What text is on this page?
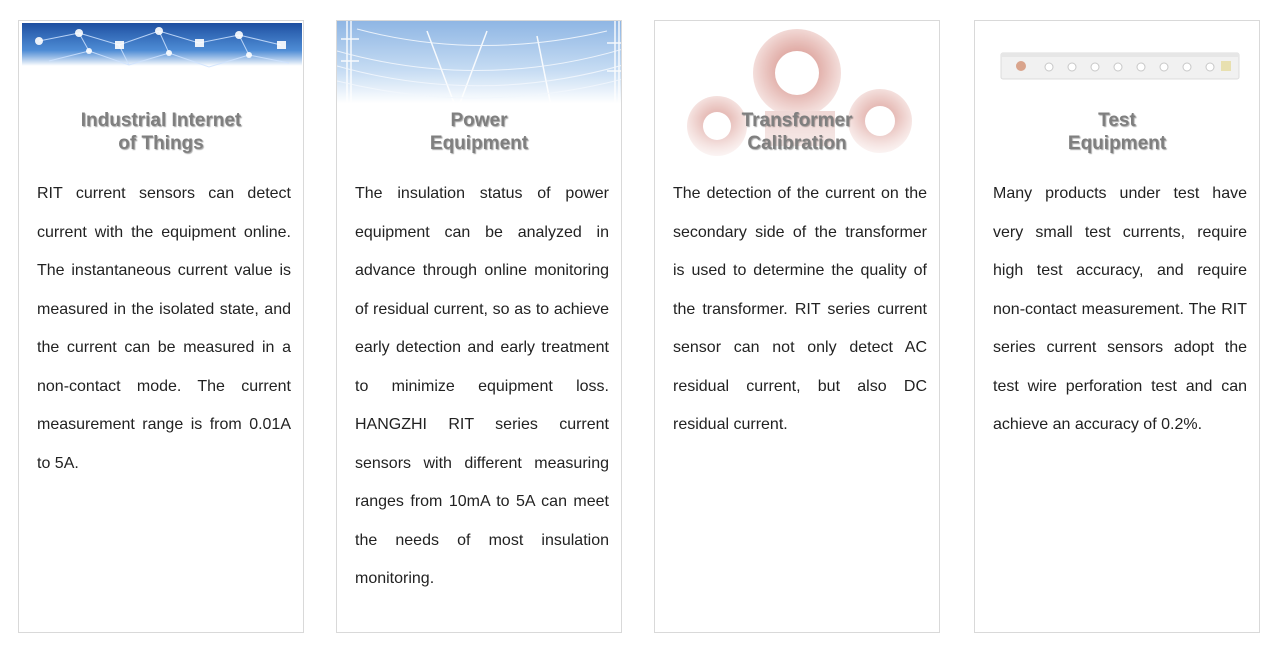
IOT
Industrial Internet
of Things
RIT current sensors can detect current with the equipment online. The instantaneous current value is measured in the isolated state, and the current can be measured in a non-contact mode. The current measurement range is from 0.01A to 5A.
Power
Equipment
The insulation status of power equipment can be analyzed in advance through online monitoring of residual current, so as to achieve early detection and early treatment to minimize equipment loss. HANGZHI RIT series current sensors with different measuring ranges from 10mA to 5A can meet the needs of most insulation monitoring.
Transformer
Calibration
The detection of the current on the secondary side of the transformer is used to determine the quality of the transformer. RIT series current sensor can not only detect AC residual current, but also DC residual current.
Test
Equipment
Many products under test have very small test currents, require high test accuracy, and require non-contact measurement. The RIT series current sensors adopt the test wire perforation test and can achieve an accuracy of 0.2%.
